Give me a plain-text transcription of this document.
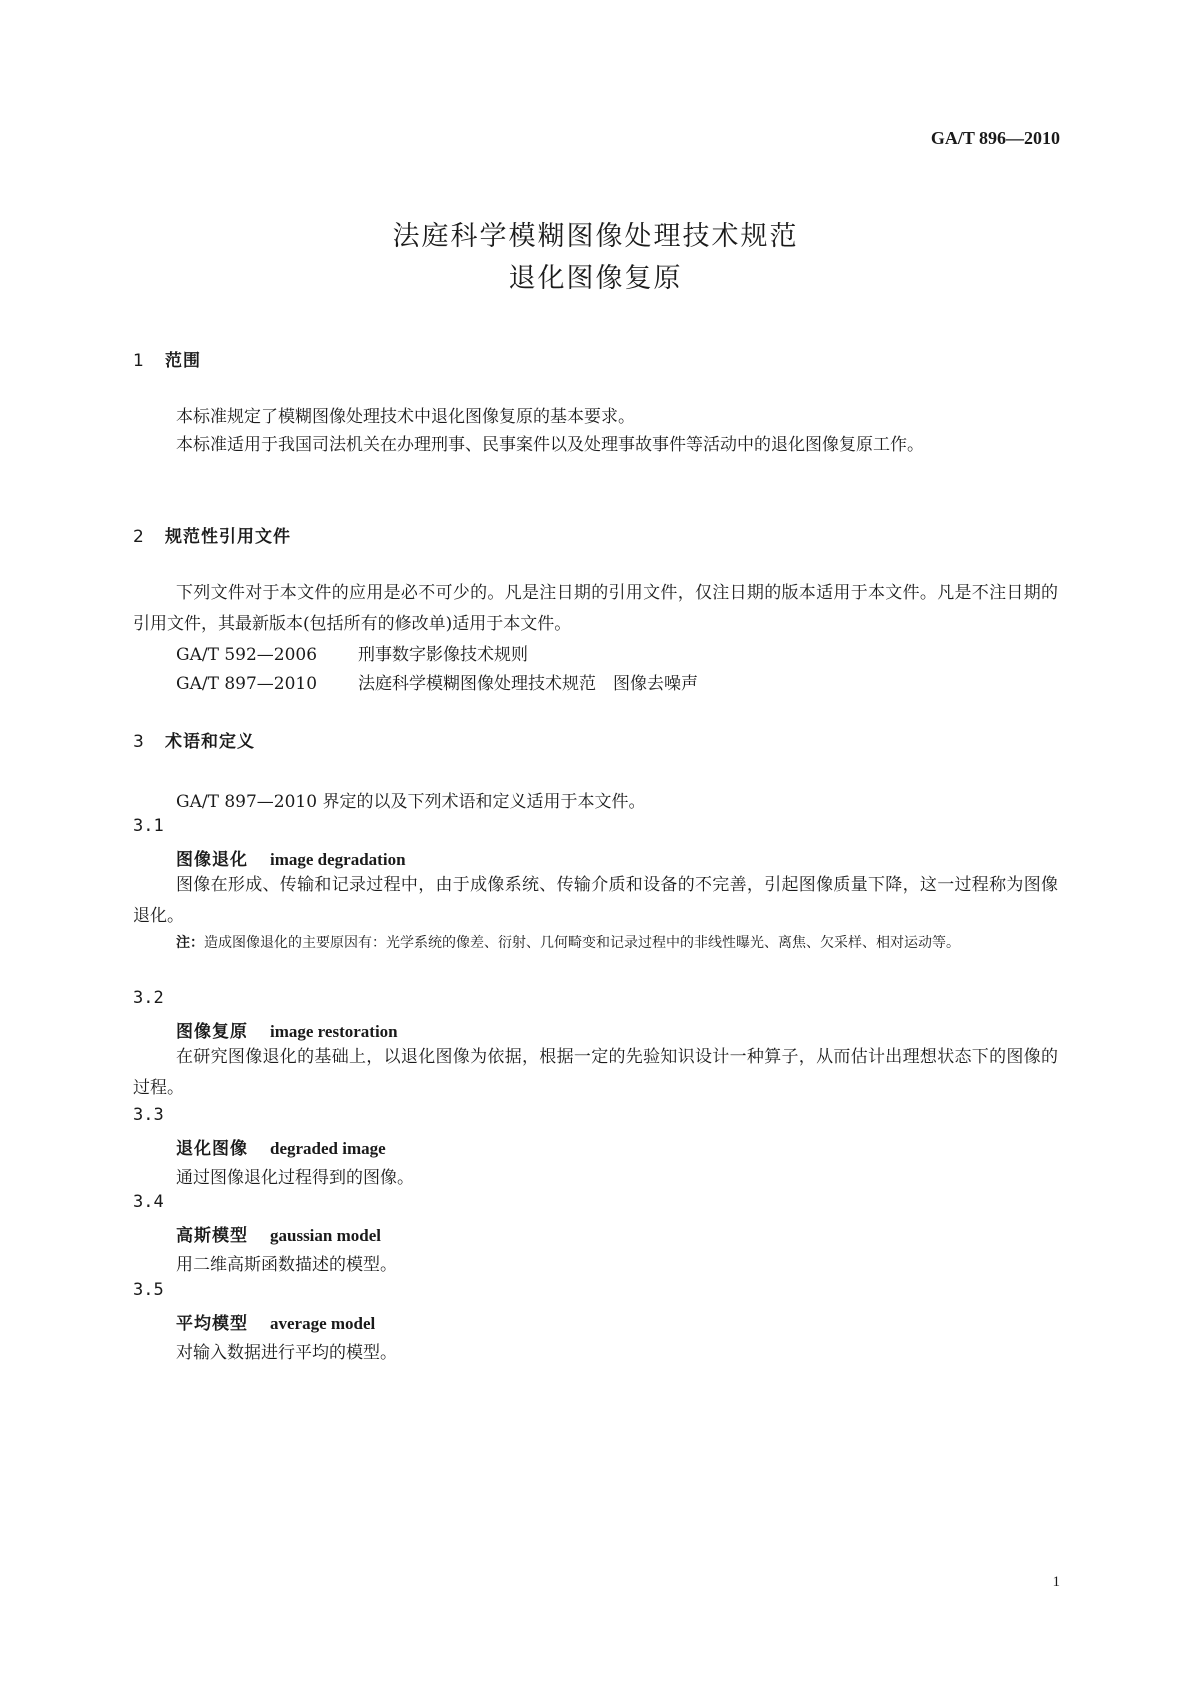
GA/T 896—2010
法庭科学模糊图像处理技术规范
退化图像复原
1 范围
本标准规定了模糊图像处理技术中退化图像复原的基本要求。
本标准适用于我国司法机关在办理刑事、民事案件以及处理事故事件等活动中的退化图像复原工作。
2 规范性引用文件
下列文件对于本文件的应用是必不可少的。凡是注日期的引用文件，仅注日期的版本适用于本文件。凡是不注日期的引用文件，其最新版本(包括所有的修改单)适用于本文件。
GA/T 592—2006 刑事数字影像技术规则
GA/T 897—2010 法庭科学模糊图像处理技术规范　图像去噪声
3 术语和定义
GA/T 897—2010 界定的以及下列术语和定义适用于本文件。
3.1
图像退化 image degradation
图像在形成、传输和记录过程中，由于成像系统、传输介质和设备的不完善，引起图像质量下降，这一过程称为图像退化。
注：造成图像退化的主要原因有：光学系统的像差、衍射、几何畸变和记录过程中的非线性曝光、离焦、欠采样、相对运动等。
3.2
图像复原 image restoration
在研究图像退化的基础上，以退化图像为依据，根据一定的先验知识设计一种算子，从而估计出理想状态下的图像的过程。
3.3
退化图像 degraded image
通过图像退化过程得到的图像。
3.4
高斯模型 gaussian model
用二维高斯函数描述的模型。
3.5
平均模型 average model
对输入数据进行平均的模型。
1
